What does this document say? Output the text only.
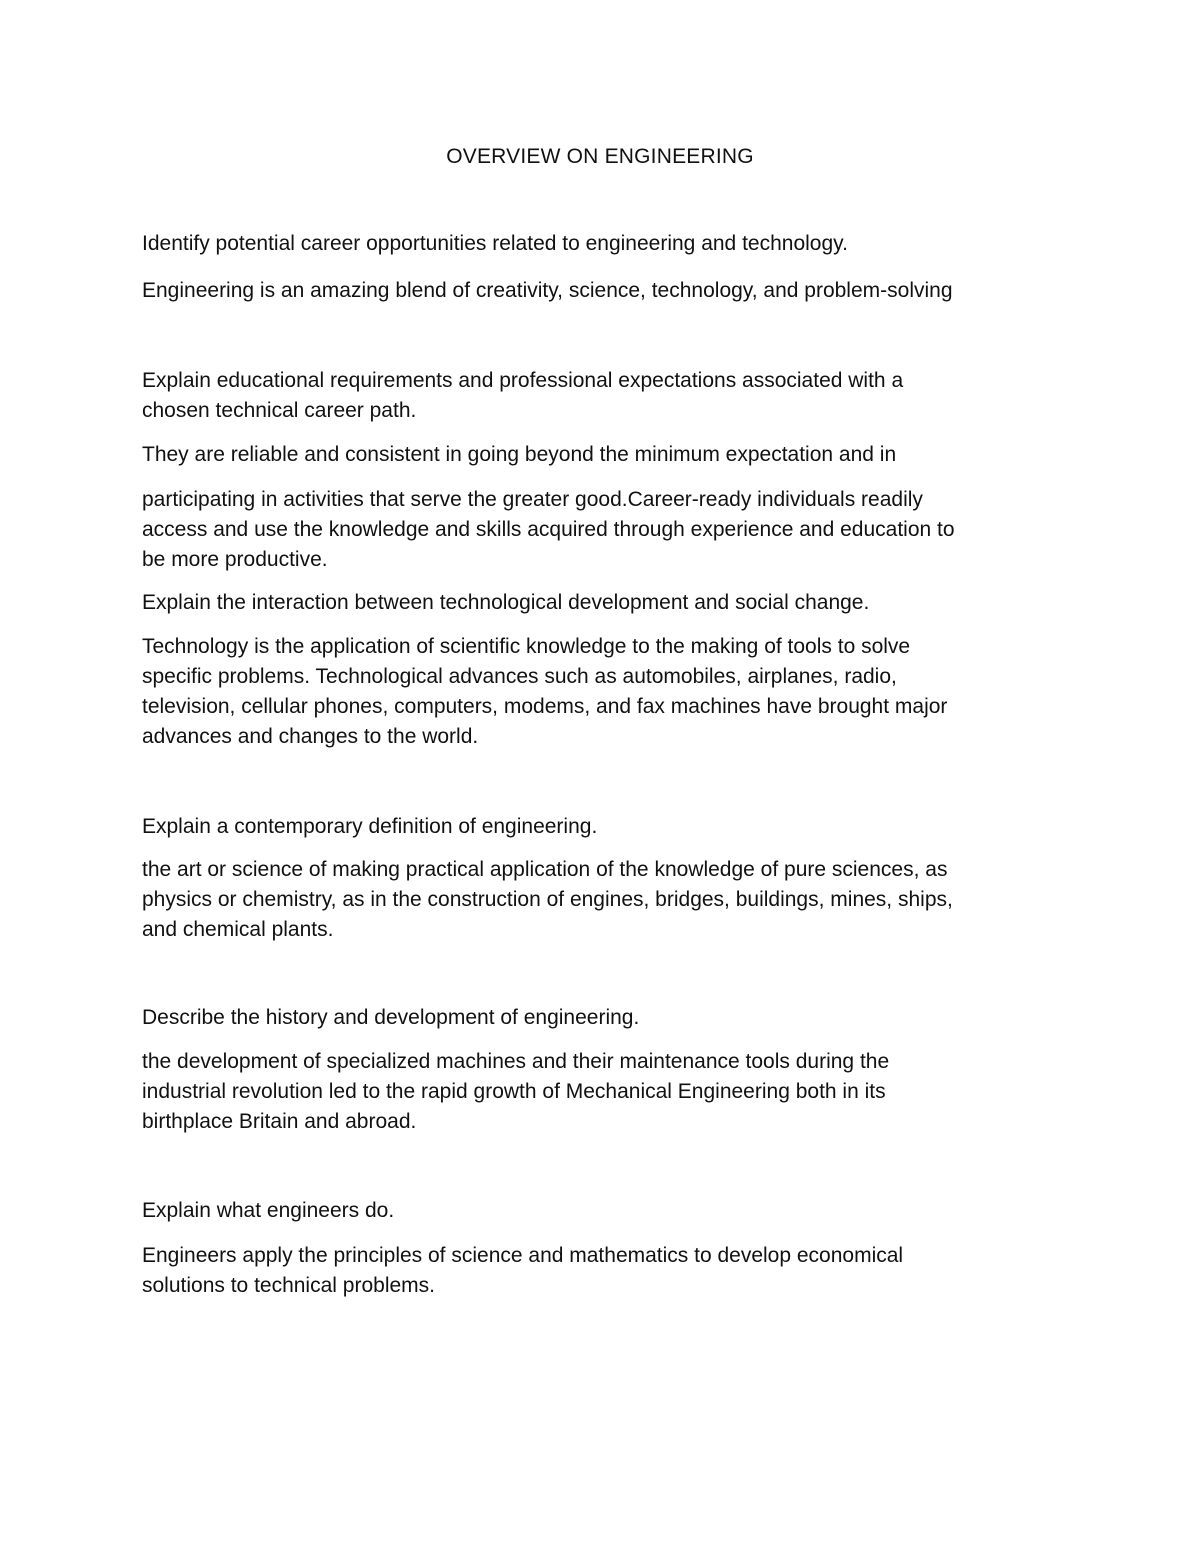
OVERVIEW ON ENGINEERING

Identify potential career opportunities related to engineering and technology.

Engineering is an amazing blend of creativity, science, technology, and problem-solving

Explain educational requirements and professional expectations associated with a
chosen technical career path.

They are reliable and consistent in going beyond the minimum expectation and in

participating in activities that serve the greater good.Career-ready individuals readily
access and use the knowledge and skills acquired through experience and education to
be more productive.

Explain the interaction between technological development and social change.

Technology is the application of scientific knowledge to the making of tools to solve
specific problems. Technological advances such as automobiles, airplanes, radio,
television, cellular phones, computers, modems, and fax machines have brought major
advances and changes to the world.

Explain a contemporary definition of engineering.

the art or science of making practical application of the knowledge of pure sciences, as
physics or chemistry, as in the construction of engines, bridges, buildings, mines, ships,
and chemical plants.

Describe the history and development of engineering.

the development of specialized machines and their maintenance tools during the
industrial revolution led to the rapid growth of Mechanical Engineering both in its
birthplace Britain and abroad.

Explain what engineers do.

Engineers apply the principles of science and mathematics to develop economical
solutions to technical problems.
